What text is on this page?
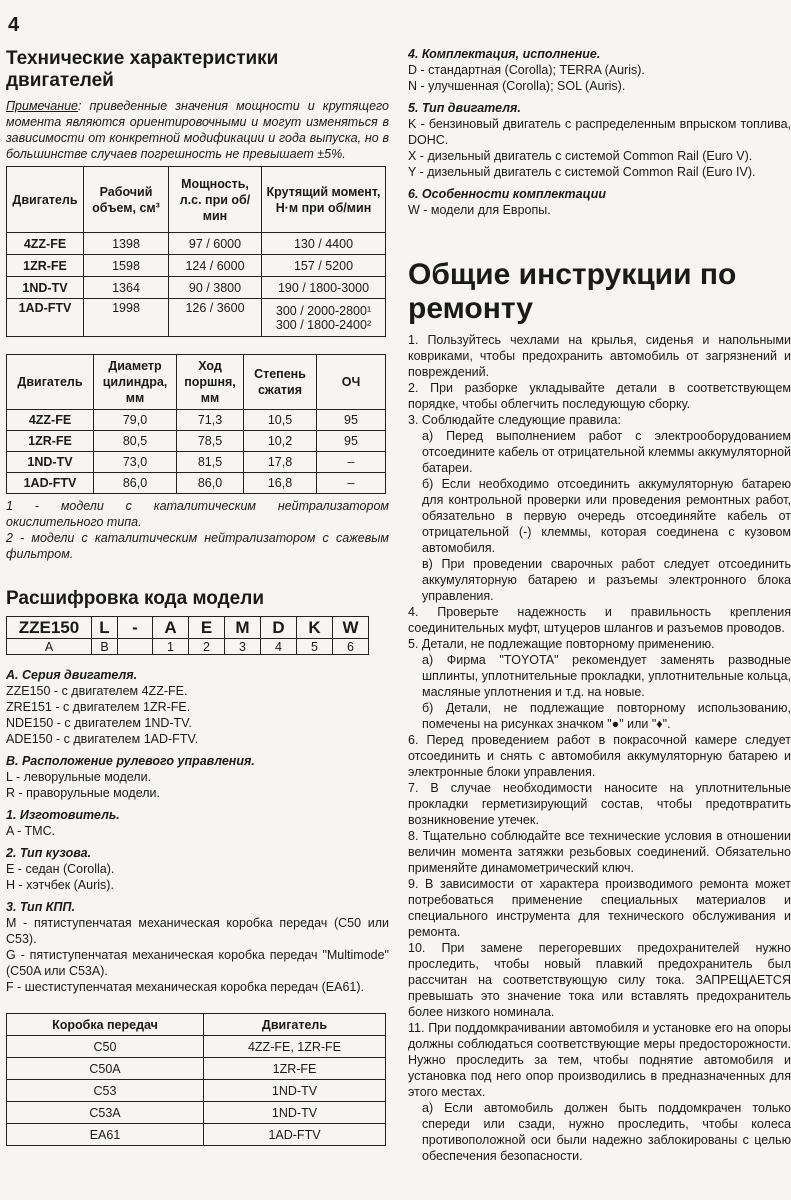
4
Технические характеристики
двигателей

Примечание: приведенные значения мощности и крутящего момента являются ориентировочными и могут изменяться в зависимости от конкретной модификации и года выпуска, но в большинстве случаев погрешность не превышает ±5%.

Двигатель	Рабочий объем, см³	Мощность, л.с. при об/мин	Крутящий момент, Н·м при об/мин
4ZZ-FE	1398	97 / 6000	130 / 4400
1ZR-FE	1598	124 / 6000	157 / 5200
1ND-TV	1364	90 / 3800	190 / 1800-3000
1AD-FTV	1998	126 / 3600	300 / 2000-2800¹
300 / 1800-2400²
Двигатель	Диаметр цилиндра, мм	Ход поршня, мм	Степень сжатия	ОЧ
4ZZ-FE	79,0	71,3	10,5	95
1ZR-FE	80,5	78,5	10,2	95
1ND-TV	73,0	81,5	17,8	–
1AD-FTV	86,0	86,0	16,8	–

1 - модели с каталитическим нейтрализатором окислительного типа.

2 - модели с каталитическим нейтрализатором с сажевым фильтром.

Расшифровка кода модели
ZZE150	L	-	A	E	M	D	K	W
A	B		1	2	3	4	5	6

A. Серия двигателя.

ZZE150 - с двигателем 4ZZ-FE.

ZRE151 - с двигателем 1ZR-FE.

NDE150 - с двигателем 1ND-TV.

ADE150 - с двигателем 1AD-FTV.

B. Расположение рулевого управления.

L - леворульные модели.

R - праворульные модели.

1. Изготовитель.

A - TMC.

2. Тип кузова.

E - седан (Corolla).

H - хэтчбек (Auris).

3. Тип КПП.

M - пятиступенчатая механическая коробка передач (C50 или C53).

G - пятиступенчатая механическая коробка передач "Multimode" (C50A или C53A).

F - шестиступенчатая механическая коробка передач (EA61).

Коробка передач	Двигатель
C50	4ZZ-FE, 1ZR-FE
C50A	1ZR-FE
C53	1ND-TV
C53A	1ND-TV
EA61	1AD-FTV

4. Комплектация, исполнение.

D - стандартная (Corolla); TERRA (Auris).

N - улучшенная (Corolla); SOL (Auris).

5. Тип двигателя.

K - бензиновый двигатель с распределенным впрыском топлива, DOHC.

X - дизельный двигатель с системой Common Rail (Euro V).

Y - дизельный двигатель с системой Common Rail (Euro IV).

6. Особенности комплектации

W - модели для Европы.

Общие инструкции по
ремонту

1. Пользуйтесь чехлами на крылья, сиденья и напольными ковриками, чтобы предохранить автомобиль от загрязнений и повреждений.

2. При разборке укладывайте детали в соответствующем порядке, чтобы облегчить последующую сборку.

3. Соблюдайте следующие правила:

а) Перед выполнением работ с электрооборудованием отсоедините кабель от отрицательной клеммы аккумуляторной батареи.

б) Если необходимо отсоединить аккумуляторную батарею для контрольной проверки или проведения ремонтных работ, обязательно в первую очередь отсоединяйте кабель от отрицательной (-) клеммы, которая соединена с кузовом автомобиля.

в) При проведении сварочных работ следует отсоединить аккумуляторную батарею и разъемы электронного блока управления.

4. Проверьте надежность и правильность крепления соединительных муфт, штуцеров шлангов и разъемов проводов.

5. Детали, не подлежащие повторному применению.

а) Фирма "TOYOTA" рекомендует заменять разводные шплинты, уплотнительные прокладки, уплотнительные кольца, масляные уплотнения и т.д. на новые.

б) Детали, не подлежащие повторному использованию, помечены на рисунках значком "●" или "♦".

6. Перед проведением работ в покрасочной камере следует отсоединить и снять с автомобиля аккумуляторную батарею и электронные блоки управления.

7. В случае необходимости наносите на уплотнительные прокладки герметизирующий состав, чтобы предотвратить возникновение утечек.

8. Тщательно соблюдайте все технические условия в отношении величин момента затяжки резьбовых соединений. Обязательно применяйте динамометрический ключ.

9. В зависимости от характера производимого ремонта может потребоваться применение специальных материалов и специального инструмента для технического обслуживания и ремонта.

10. При замене перегоревших предохранителей нужно проследить, чтобы новый плавкий предохранитель был рассчитан на соответствующую силу тока. ЗАПРЕЩАЕТСЯ превышать это значение тока или вставлять предохранитель более низкого номинала.

11. При поддомкрачивании автомобиля и установке его на опоры должны соблюдаться соответствующие меры предосторожности. Нужно проследить за тем, чтобы поднятие автомобиля и установка под него опор производились в предназначенных для этого местах.

а) Если автомобиль должен быть поддомкрачен только спереди или сзади, нужно проследить, чтобы колеса противоположной оси были надежно заблокированы с целью обеспечения безопасности.
